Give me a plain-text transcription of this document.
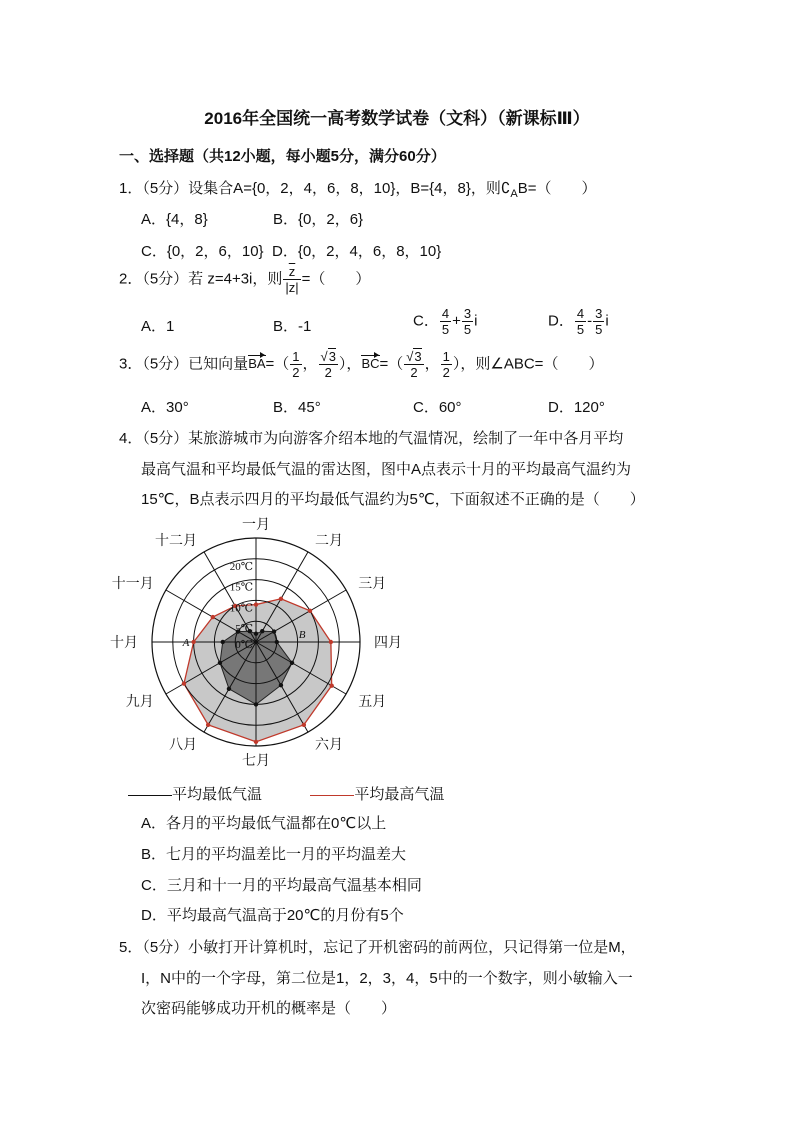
2016年全国统一高考数学试卷（文科）（新课标Ⅲ）
一、选择题（共12小题，每小题5分，满分60分）
1．（5分）设集合A={0，2，4，6，8，10}，B={4，8}，则$∁_AB=$（　　）
A．{4，8}	B．{0，2，6}
C．{0，2，6，10} D．{0，2，4，6，8，10}
2．（5分）若 z=4+3i，则 $\frac{\overline{z}}{|z|}$ =（　　）
A．1	B．-1	C． $\frac{4}{5} + \frac{3}{5}$ i	D． $\frac{4}{5} - \frac{3}{5}$ i
3．（5分）已知向量$BA=( \frac{1}{2}$ ， $\frac{√3}{2}$ ），$BC=( \frac{√3}{2}$ ， $\frac{1}{2}$ ），则∠ABC=（　　）
A．30°	B．45°	C．60°	D．120°
4．（5分）某旅游城市为向游客介绍本地的气温情况，绘制了一年中各月平均
最高气温和平均最低气温的雷达图，图中A点表示十月的平均最高气温约为
15℃，B点表示四月的平均最低气温约为5℃，下面叙述不正确的是（　　）
0℃
5℃
10℃
15℃
20℃
一月
二月
三月
四月
五月
六月
七月
八月
九月
十月
十一月
十二月
A
B
平均最低气温	平均最高气温
A．各月的平均最低气温都在0℃以上
B．七月的平均温差比一月的平均温差大
C．三月和十一月的平均最高气温基本相同
D．平均最高气温高于20℃的月份有5个
5．（5分）小敏打开计算机时，忘记了开机密码的前两位，只记得第一位是M，
I，N中的一个字母，第二位是1，2，3，4，5中的一个数字，则小敏输入一
次密码能够成功开机的概率是（　　）
